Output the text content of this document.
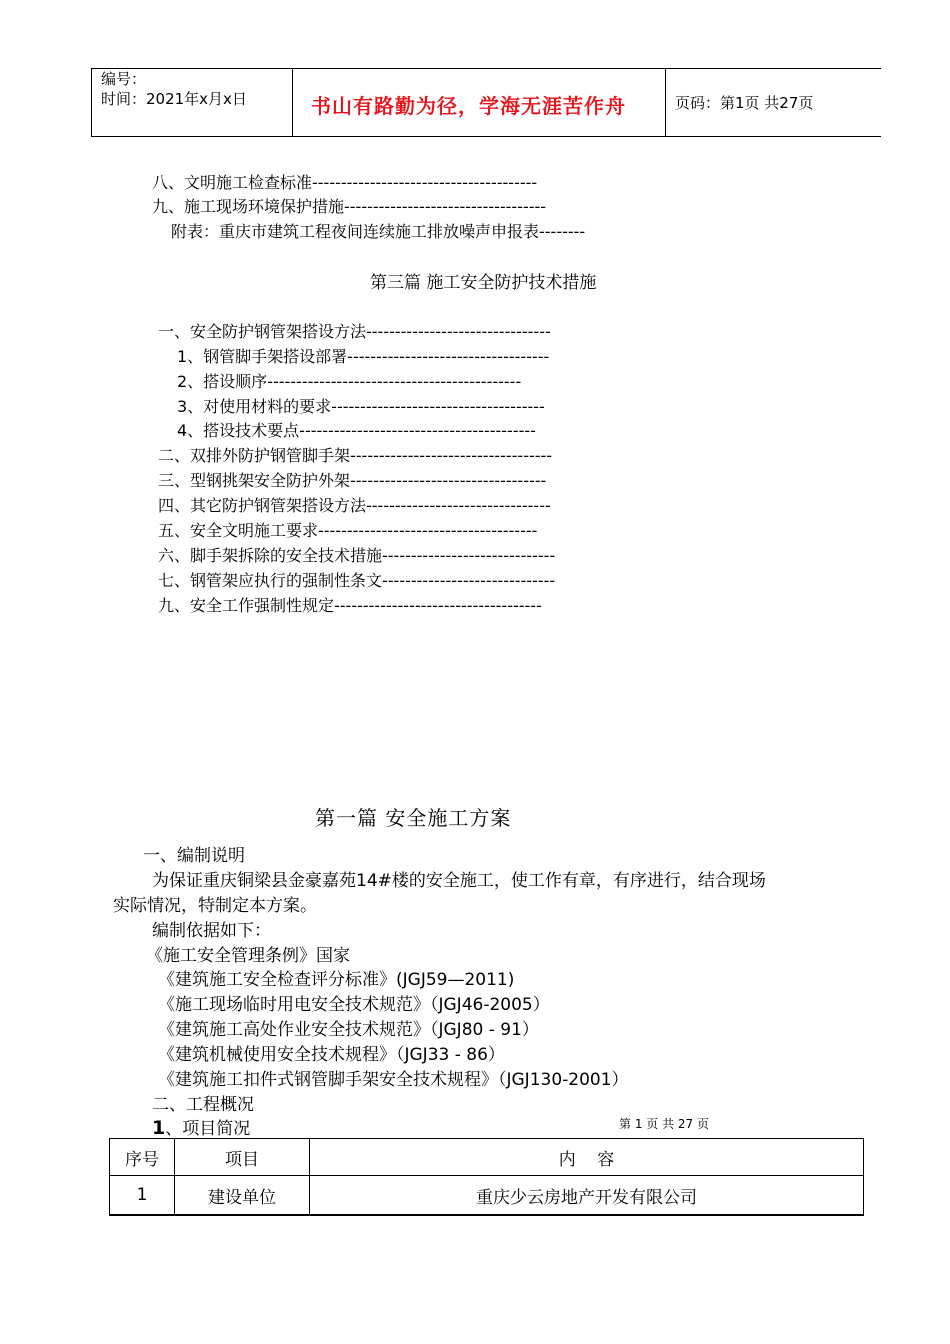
编号：
时间：2021年x月x日	书山有路勤为径，学海无涯苦作舟	页码：第1页 共27页
八、文明施工检查标准---------------------------------------
九、施工现场环境保护措施-----------------------------------
附表：重庆市建筑工程夜间连续施工排放噪声申报表--------
第三篇 施工安全防护技术措施
一、安全防护钢管架搭设方法--------------------------------
1、钢管脚手架搭设部署-----------------------------------
2、搭设顺序--------------------------------------------
3、对使用材料的要求-------------------------------------
4、搭设技术要点-----------------------------------------
二、双排外防护钢管脚手架-----------------------------------
三、型钢挑架安全防护外架----------------------------------
四、其它防护钢管架搭设方法--------------------------------
五、安全文明施工要求--------------------------------------
六、脚手架拆除的安全技术措施------------------------------
七、钢管架应执行的强制性条文------------------------------
九、安全工作强制性规定------------------------------------
第一篇 安全施工方案
一、编制说明
为保证重庆铜梁县金豪嘉苑14#楼的安全施工，使工作有章，有序进行，结合现场
实际情况，特制定本方案。
编制依据如下：
《施工安全管理条例》国家
《建筑施工安全检查评分标准》(JGJ59—2011)
《施工现场临时用电安全技术规范》（JGJ46-2005）
《建筑施工高处作业安全技术规范》（JGJ80 - 91）
《建筑机械使用安全技术规程》（JGJ33 - 86）
《建筑施工扣件式钢管脚手架安全技术规程》（JGJ130-2001）
二、工程概况
1、项目简况	第 1 页 共 27 页
序号	项目	内    容
1	建设单位	重庆少云房地产开发有限公司
